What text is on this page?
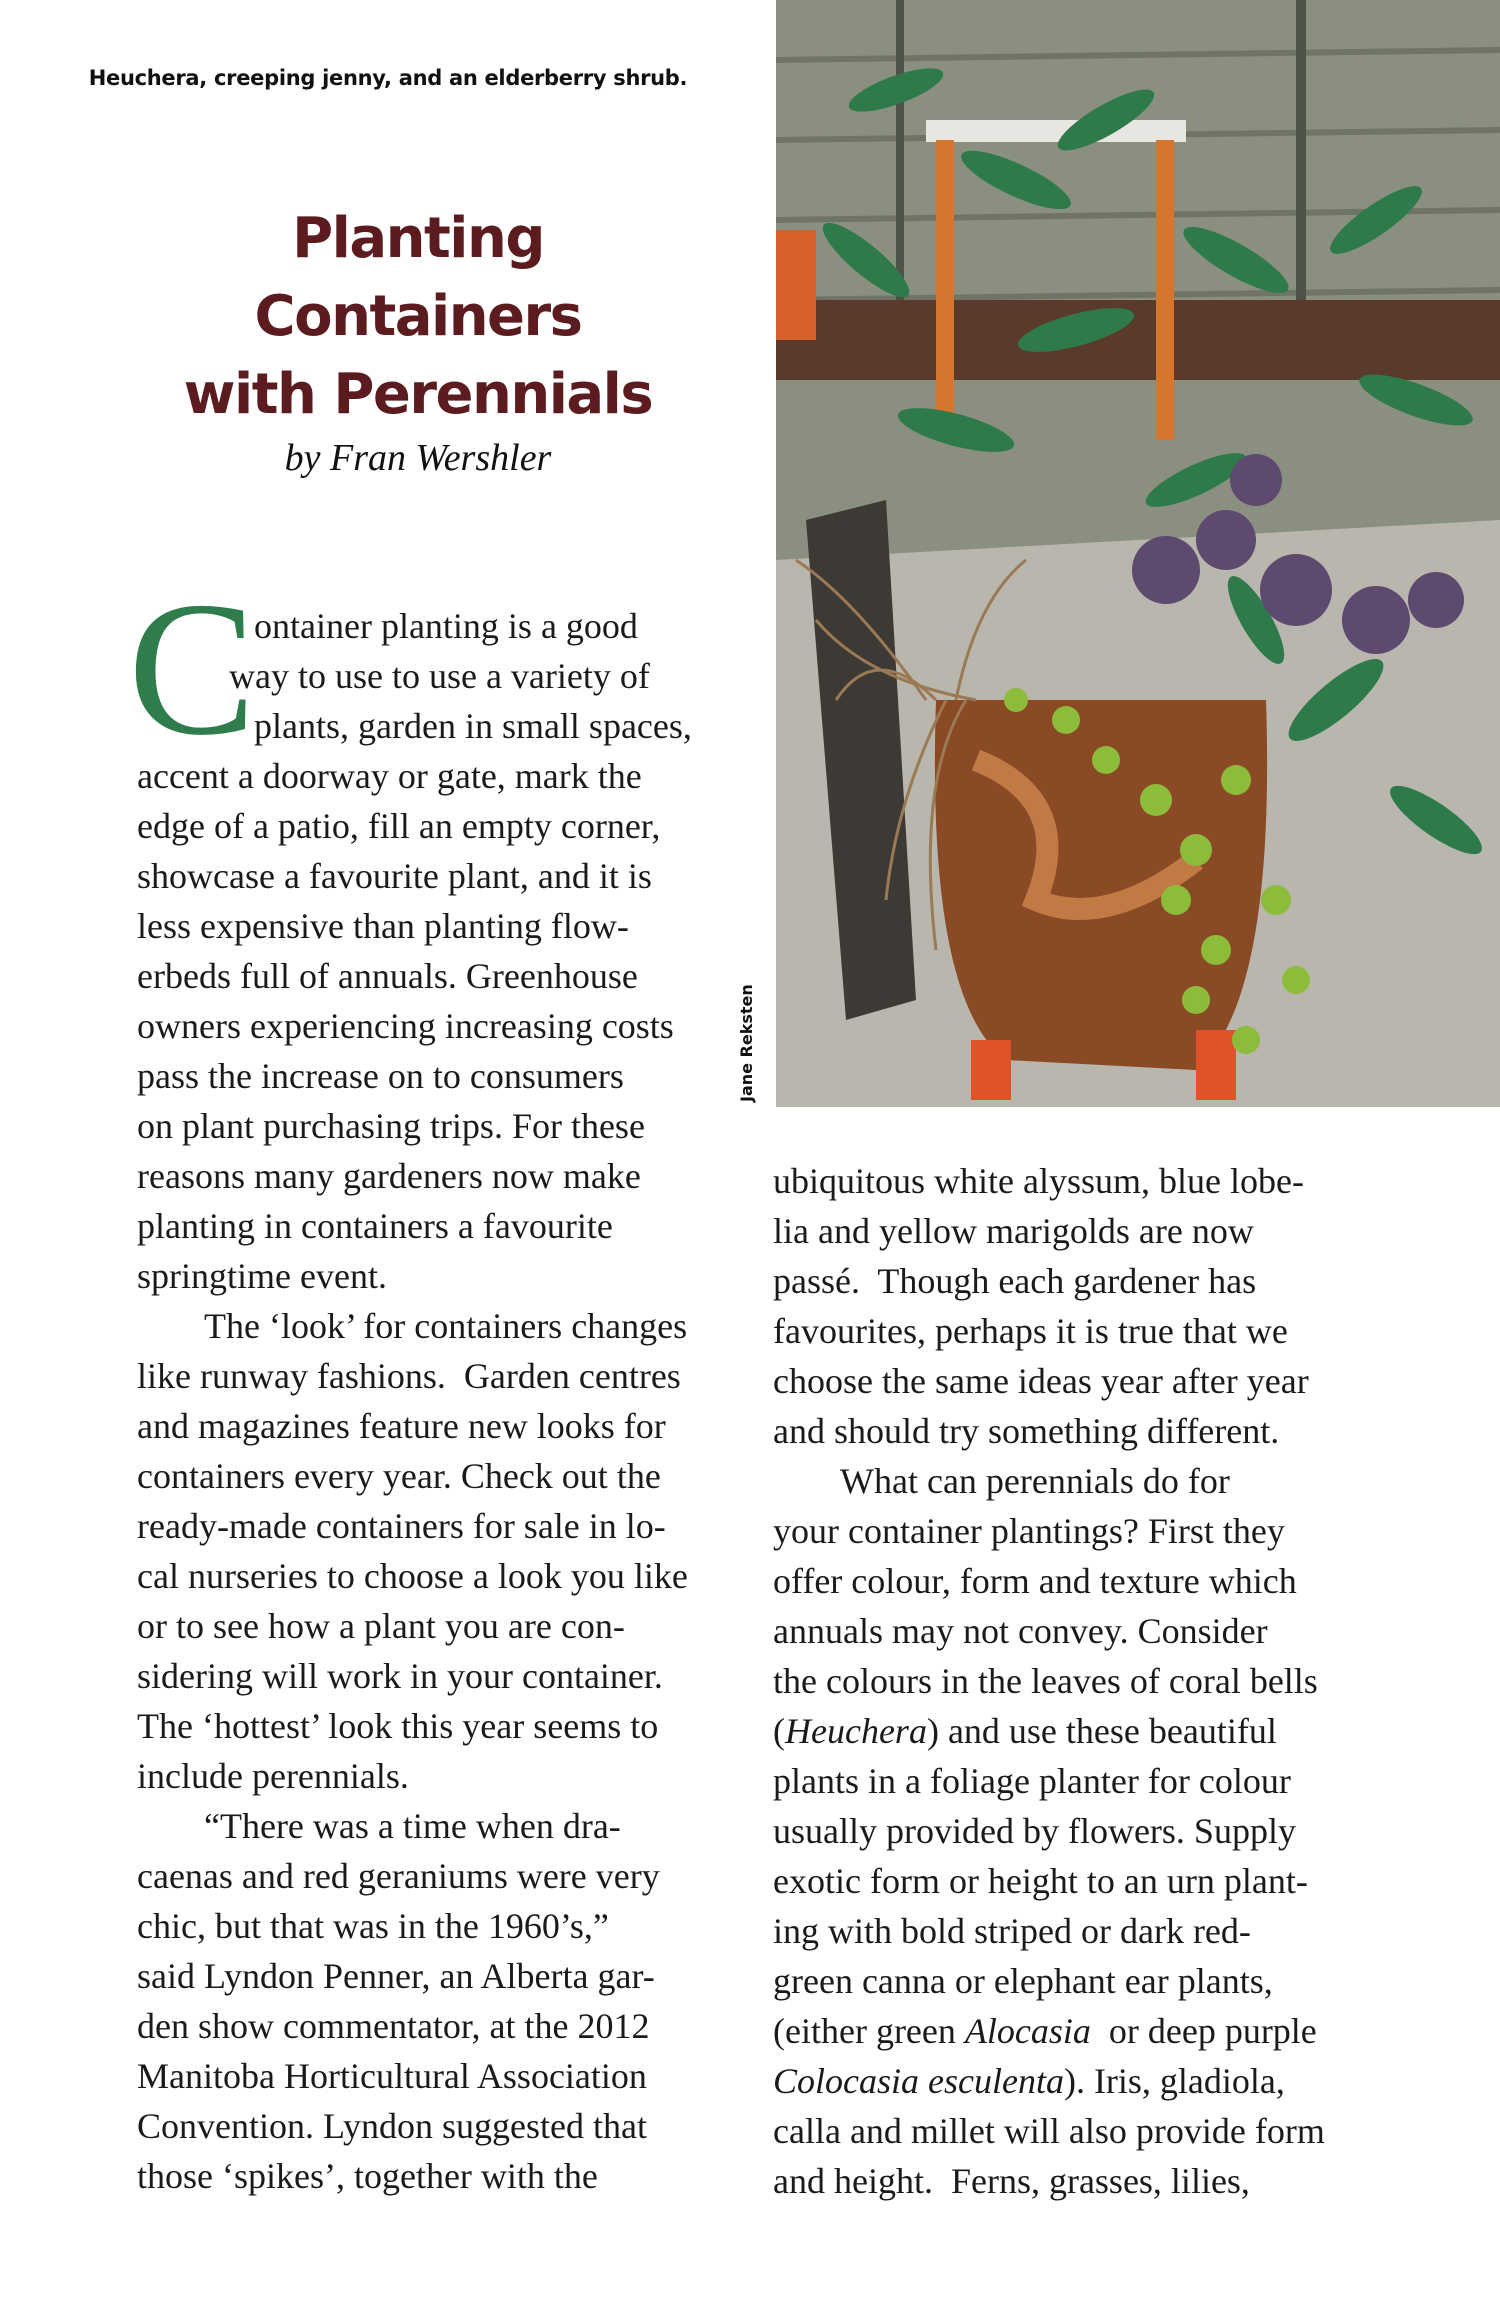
Heuchera, creeping jenny, and an elderberry shrub.
Planting
Containers
with Perennials
by Fran Wershler
C
ontainer planting is a good
way to use to use a variety of
plants, garden in small spaces,
accent a doorway or gate, mark the
edge of a patio, fill an empty corner,
showcase a favourite plant, and it is
less expensive than planting flow-
erbeds full of annuals. Greenhouse
owners experiencing increasing costs
pass the increase on to consumers
on plant purchasing trips. For these
reasons many gardeners now make
planting in containers a favourite
springtime event.
The ‘look’ for containers changes
like runway fashions.  Garden centres
and magazines feature new looks for
containers every year. Check out the
ready-made containers for sale in lo-
cal nurseries to choose a look you like
or to see how a plant you are con-
sidering will work in your container.
The ‘hottest’ look this year seems to
include perennials.
“There was a time when dra-
caenas and red geraniums were very
chic, but that was in the 1960’s,”
said Lyndon Penner, an Alberta gar-
den show commentator, at the 2012
Manitoba Horticultural Association
Convention. Lyndon suggested that
those ‘spikes’, together with the
ubiquitous white alyssum, blue lobe-
lia and yellow marigolds are now
passé.  Though each gardener has
favourites, perhaps it is true that we
choose the same ideas year after year
and should try something different.
What can perennials do for
your container plantings? First they
offer colour, form and texture which
annuals may not convey. Consider
the colours in the leaves of coral bells
(Heuchera) and use these beautiful
plants in a foliage planter for colour
usually provided by flowers. Supply
exotic form or height to an urn plant-
ing with bold striped or dark red-
green canna or elephant ear plants,
(either green Alocasia  or deep purple
Colocasia esculenta). Iris, gladiola,
calla and millet will also provide form
and height.  Ferns, grasses, lilies,
Jane Reksten
